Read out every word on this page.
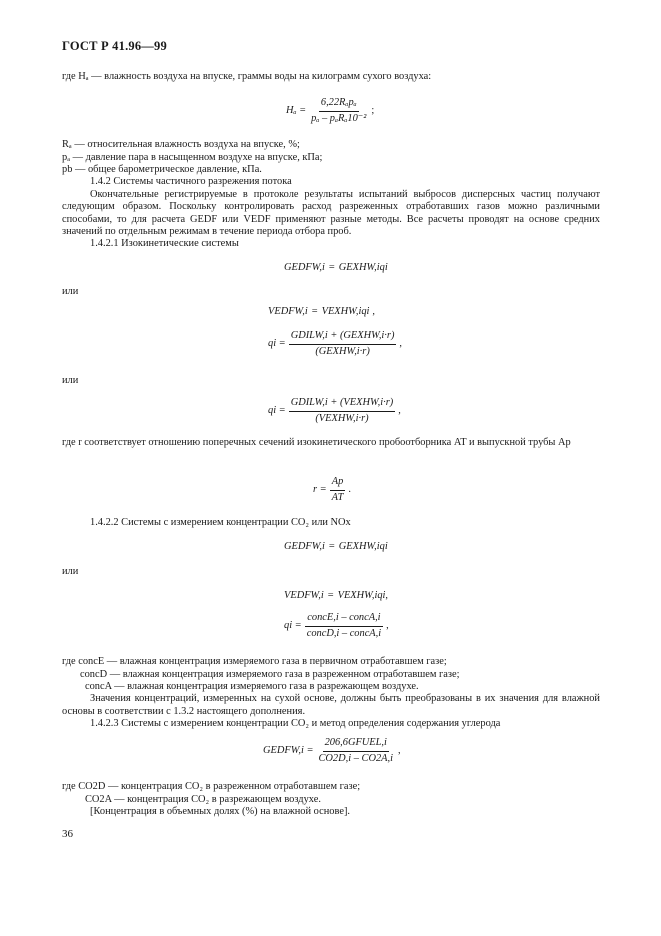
ГОСТ Р 41.96—99

где Hₐ — влажность воздуха на впуске, граммы воды на килограмм сухого воздуха:

$H_a = \frac{\text{6,22Rₐpₐ}}{\text{pₐ – pₐRₐ10⁻²}}$ ;

Rₐ — относительная влажность воздуха на впуске, %;

pₐ — давление пара в насыщенном воздухе на впуске, кПа;

pb — общее барометрическое давление, кПа.

1.4.2 Системы частичного разрежения потока

Окончательные регистрируемые в протоколе результаты испытаний выбросов дисперсных частиц получают следующим образом. Поскольку контролировать расход разреженных отработавших газов можно различными способами, то для расчета GEDF или VEDF применяют разные методы. Все расчеты проводят на основе средних значений по отдельным режимам в течение периода отбора проб.

1.4.2.1 Изокинетические системы

GEDFW,i = GEXHW,iqi

или

VEDFW,i = VEXHW,iqi ,
qi = $\frac{\text{GDILW,i + (GEXHW,i·r)}}{\text{(GEXHW,i·r)}}$ ,

или

qi = $\frac{\text{GDILW,i + (VEXHW,i·r)}}{\text{(VEXHW,i·r)}}$ ,

где r соответствует отношению поперечных сечений изокинетического пробоотборника AT и выпускной трубы Ap

$r = \frac{Ap}{AT}$ .

1.4.2.2 Системы с измерением концентрации CO₂ или NOx

GEDFW,i = GEXHW,iqi

или

VEDFW,i = VEXHW,iqi ,
qi = $\frac{\text{concE,i – concA,i}}{\text{concD,i – concA,i}}$ ,

где concE — влажная концентрация измеряемого газа в первичном отработавшем газе;

concD — влажная концентрация измеряемого газа в разреженном отработавшем газе;

concA — влажная концентрация измеряемого газа в разрежающем воздухе.

Значения концентраций, измеренных на сухой основе, должны быть преобразованы в их значения для влажной основы в соответствии с 1.3.2 настоящего дополнения.

1.4.2.3 Системы с измерением концентрации CO₂ и метод определения содержания углерода

GEDFW,i = $\frac{\text{206,6GFUEL,i}}{CO2D,i - CO2A,i}$ ,

где CO2D — концентрация CO₂ в разреженном отработавшем газе;

CO2A — концентрация CO₂ в разрежающем воздухе.

[Концентрация в объемных долях (%) на влажной основе].

36
